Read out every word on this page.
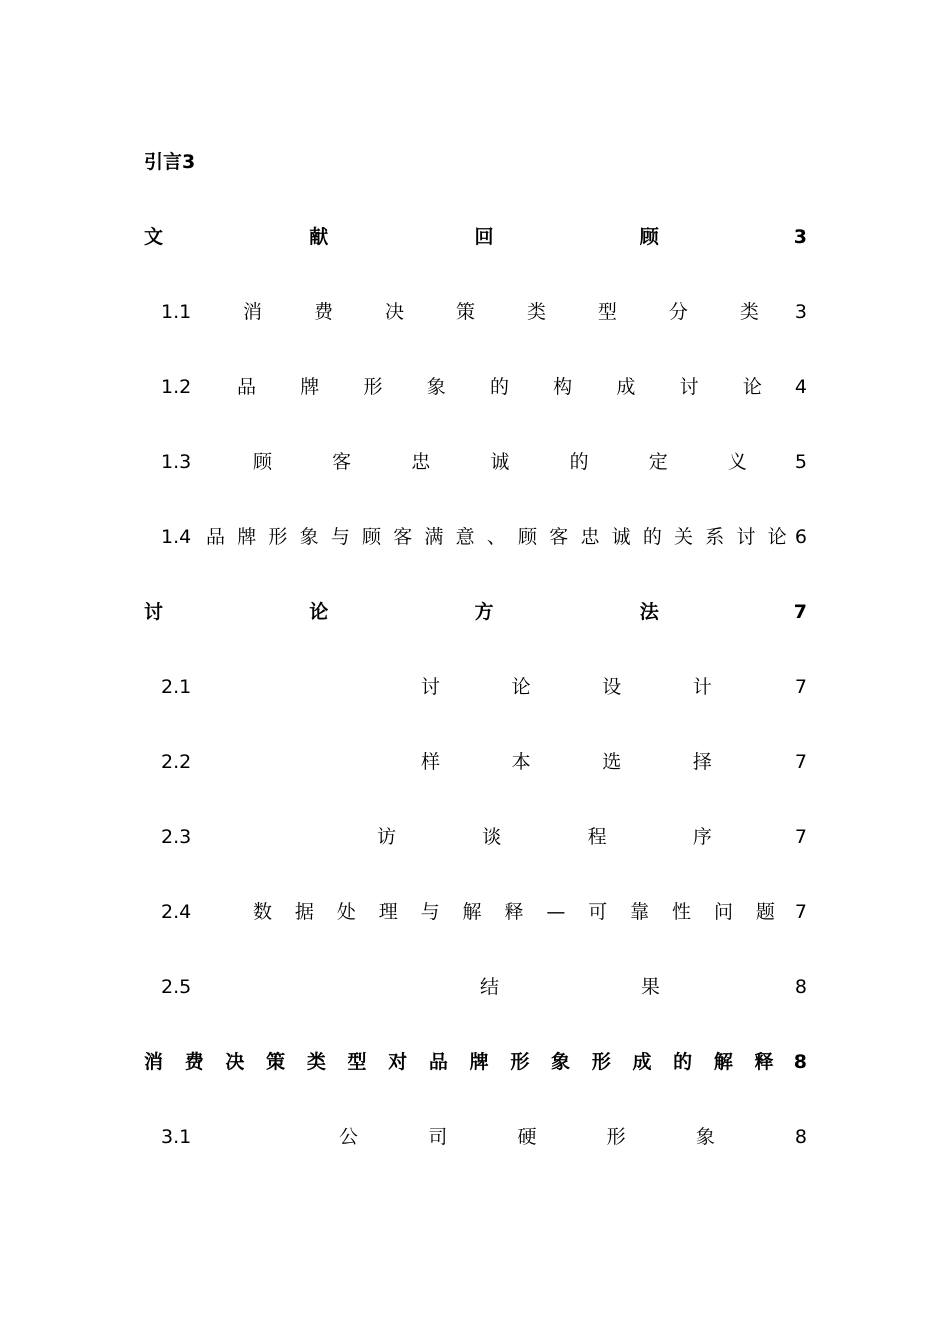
引言 3
文	献	回	顾	3
1.1	消	费	决	策	类	型	分	类 3
1.2	品 牌 形 象 的 构 成 讨 论 4
1.3	顾	客	忠	诚	的	定	义	5
1.4 品 牌 形 象 与 顾 客 满 意 、 顾 客 忠 诚 的 关 系 讨 论 6
讨	论	方	法	7
2.1	讨	论	设	计	7
2.2	样	本	选	择	7
2.3	访	谈	程	序	7
2.4	数 据 处 理 与 解 释 — 可 靠 性 问 题 7
2.5	结	果	8
消 费 决 策 类 型 对 品 牌 形 象 形 成 的 解 释 8
3.1	公	司	硬	形	象	8
